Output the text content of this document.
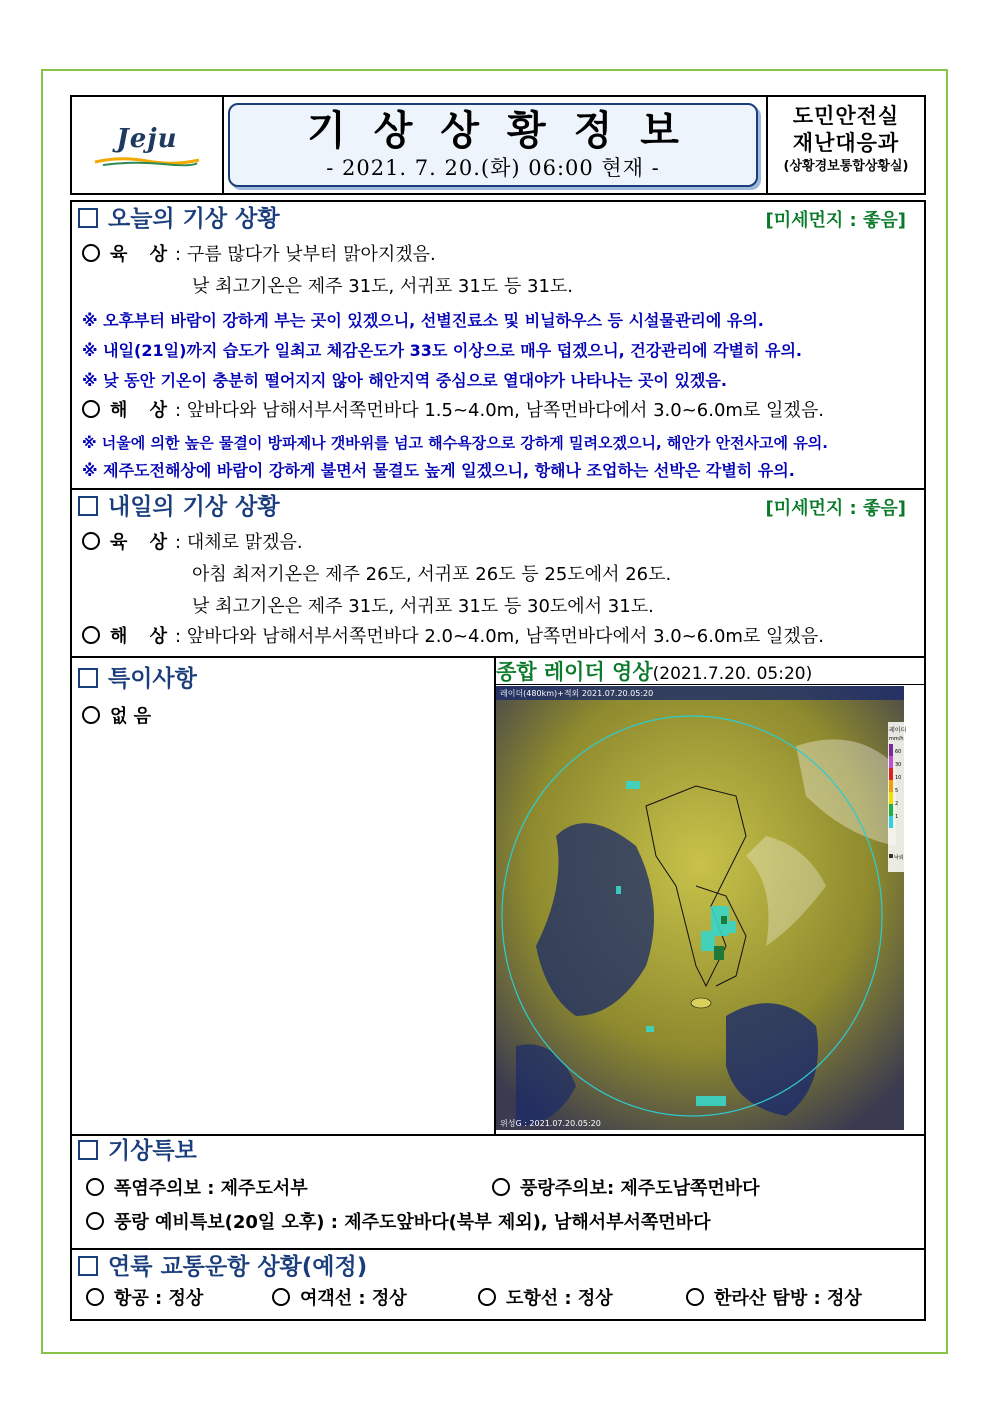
Jeju	기상상황정보
- 2021. 7. 20.(화) 06:00 현재 -
도민안전실
재난대응과
(상황경보통합상황실)
오늘의 기상 상황	[미세먼지 : 좋음]
육 상: 구름 많다가 낮부터 맑아지겠음.
낮 최고기온은 제주 31도, 서귀포 31도 등 31도.
※ 오후부터 바람이 강하게 부는 곳이 있겠으니, 선별진료소 및 비닐하우스 등 시설물관리에 유의.
※ 내일(21일)까지 습도가 일최고 체감온도가 33도 이상으로 매우 덥겠으니, 건강관리에 각별히 유의.
※ 낮 동안 기온이 충분히 떨어지지 않아 해안지역 중심으로 열대야가 나타나는 곳이 있겠음.
해 상: 앞바다와 남해서부서쪽먼바다 1.5~4.0m, 남쪽먼바다에서 3.0~6.0m로 일겠음.
※ 너울에 의한 높은 물결이 방파제나 갯바위를 넘고 해수욕장으로 강하게 밀려오겠으니, 해안가 안전사고에 유의.
※ 제주도전해상에 바람이 강하게 불면서 물결도 높게 일겠으니, 항해나 조업하는 선박은 각별히 유의.
내일의 기상 상황	[미세먼지 : 좋음]
육 상: 대체로 맑겠음.
아침 최저기온은 제주 26도, 서귀포 26도 등 25도에서 26도.
낮 최고기온은 제주 31도, 서귀포 31도 등 30도에서 31도.
해 상: 앞바다와 남해서부서쪽먼바다 2.0~4.0m, 남쪽먼바다에서 3.0~6.0m로 일겠음.
특이사항
없 음
종합 레이더 영상(2021.7.20. 05:20)
레이더(480km)+적외 2021.07.20.05:20
위성G : 2021.07.20.05:20
레이더
mm/h
60
30
10
5
2
1
낙뢰
기상특보
폭염주의보 : 제주도서부	풍랑주의보: 제주도남쪽먼바다
풍랑 예비특보(20일 오후) : 제주도앞바다(북부 제외), 남해서부서쪽먼바다
연륙 교통운항 상황(예정)
항공 : 정상	여객선 : 정상	도항선 : 정상	한라산 탐방 : 정상
